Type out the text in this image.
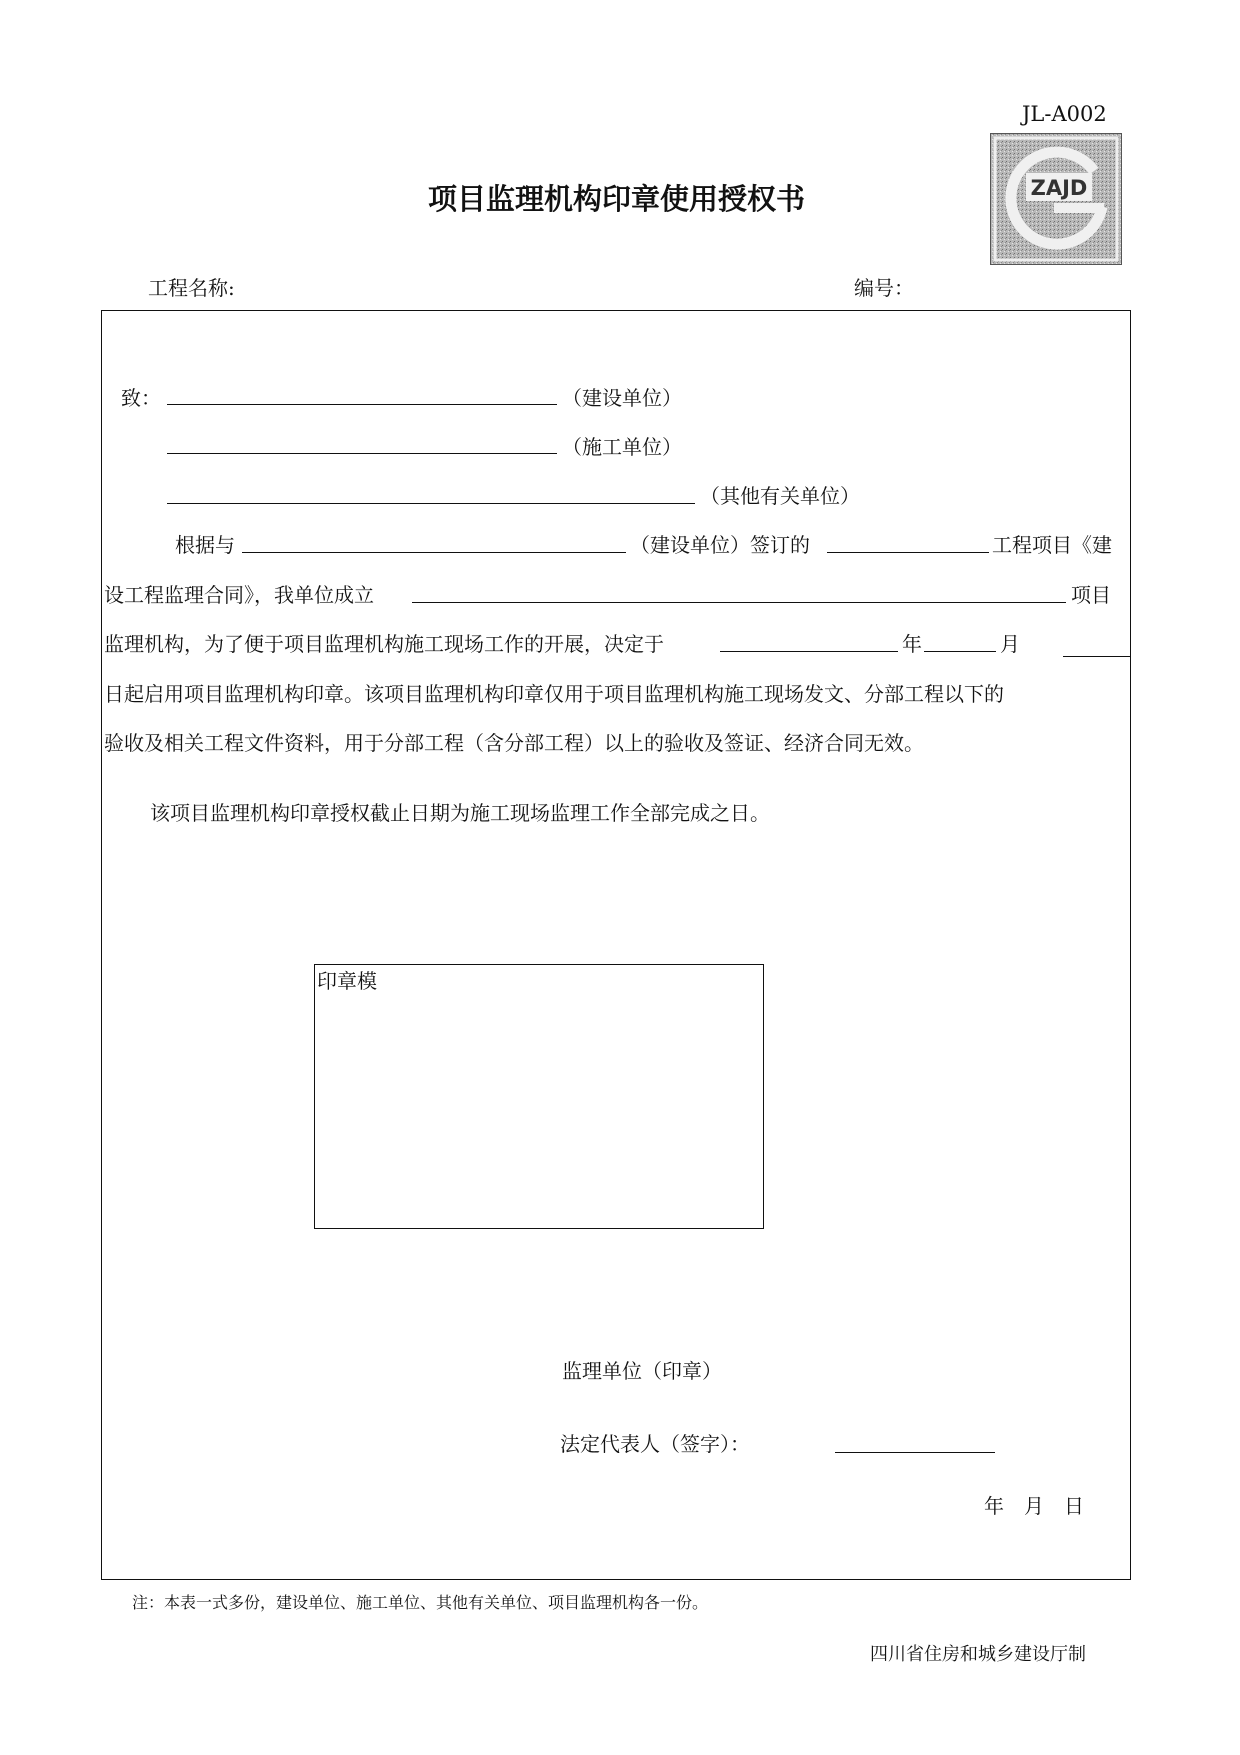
JL-A002
ZAJD
项目监理机构印章使用授权书
工程名称:	编号：
致：	（建设单位）
（施工单位）
（其他有关单位）
根据与	（建设单位）签订的	工程项目《建
设工程监理合同》，我单位成立	项目
监理机构，为了便于项目监理机构施工现场工作的开展，决定于	年	月
日起启用项目监理机构印章。该项目监理机构印章仅用于项目监理机构施工现场发文、分部工程以下的
验收及相关工程文件资料，用于分部工程（含分部工程）以上的验收及签证、经济合同无效。
该项目监理机构印章授权截止日期为施工现场监理工作全部完成之日。
印章模
监理单位（印章）
法定代表人（签字）：
年　月　日
注：本表一式多份，建设单位、施工单位、其他有关单位、项目监理机构各一份。
四川省住房和城乡建设厅制
